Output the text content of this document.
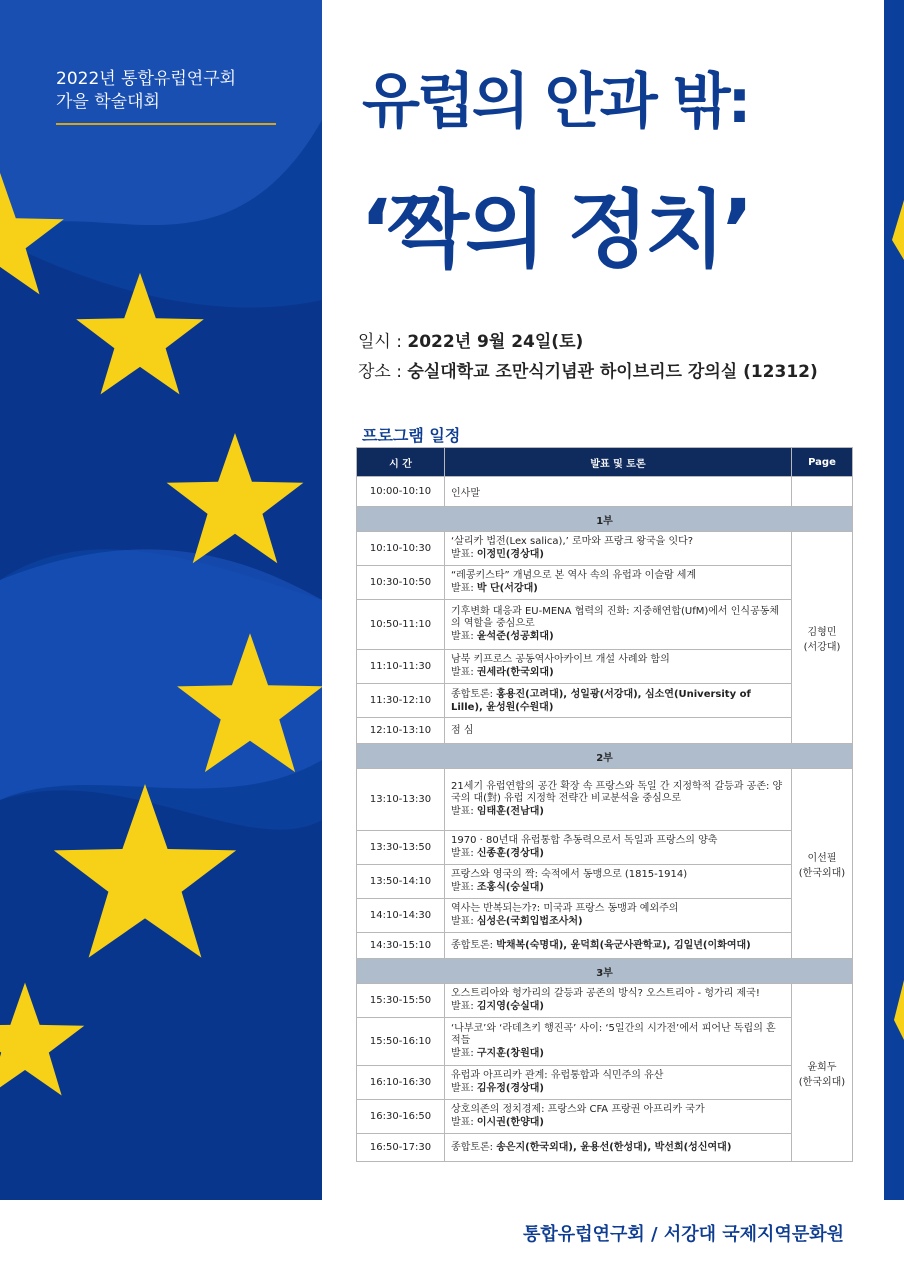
2022년 통합유럽연구회
가을 학술대회	유럽의 안과 밖:
‘짝의 정치’
일시 : 2022년 9월 24일(토)
장소 : 숭실대학교 조만식기념관 하이브리드 강의실 (12312)
프로그램 일정
시 간	발표 및 토론	Page
10:00-10:10	인사말	
1부		
10:10-10:30	‘살리카 법전(Lex salica),’ 로마와 프랑크 왕국을 잇다?
발표: 이정민(경상대)	김형민
(서강대)
10:30-10:50	“레콩키스타” 개념으로 본 역사 속의 유럽과 이슬람 세계
발표: 박 단(서강대)	

10:50-11:10	기후변화 대응과 EU-MENA 협력의 진화: 지중해연합(UfM)에서 인식공동체의 역할을 중심으로
발표: 윤석준(성공회대)	

11:10-11:30	남북 키프로스 공동역사아카이브 개설 사례와 함의
발표: 권세라(한국외대)	

11:30-12:10	종합토론: 홍용진(고려대), 성일광(서강대), 심소연(University of Lille), 윤성원(수원대)	

12:10-13:10	점 심	

2부		
13:10-13:30	21세기 유럽연합의 공간 확장 속 프랑스와 독일 간 지정학적 갈등과 공존: 양국의 대(對) 유럽 지정학 전략간 비교분석을 중심으로
발표: 임태훈(전남대)	이선필
(한국외대)
13:30-13:50	1970 · 80년대 유럽통합 추동력으로서 독일과 프랑스의 양축
발표: 신종훈(경상대)	

13:50-14:10	프랑스와 영국의 짝: 숙적에서 동맹으로 (1815-1914)
발표: 조홍식(숭실대)	

14:10-14:30	역사는 반복되는가?: 미국과 프랑스 동맹과 예외주의
발표: 심성은(국회입법조사처)	

14:30-15:10	종합토론: 박채복(숙명대), 윤덕희(육군사관학교), 김일년(이화여대)	

3부		
15:30-15:50	오스트리아와 헝가리의 갈등과 공존의 방식? 오스트리아 - 헝가리 제국!
발표: 김지영(숭실대)	윤희두
(한국외대)
15:50-16:10	‘나부코’와 ‘라데츠키 행진곡’ 사이: ‘5일간의 시가전’에서 피어난 독립의 흔적들
발표: 구지훈(창원대)	

16:10-16:30	유럽과 아프리카 관계: 유럽통합과 식민주의 유산
발표: 김유정(경상대)	

16:30-16:50	상호의존의 정치경제: 프랑스와 CFA 프랑권 아프리카 국가
발표: 이시권(한양대)	

16:50-17:30	종합토론: 송은지(한국외대), 윤용선(한성대), 박선희(성신여대)	
통합유럽연구회 / 서강대 국제지역문화원
